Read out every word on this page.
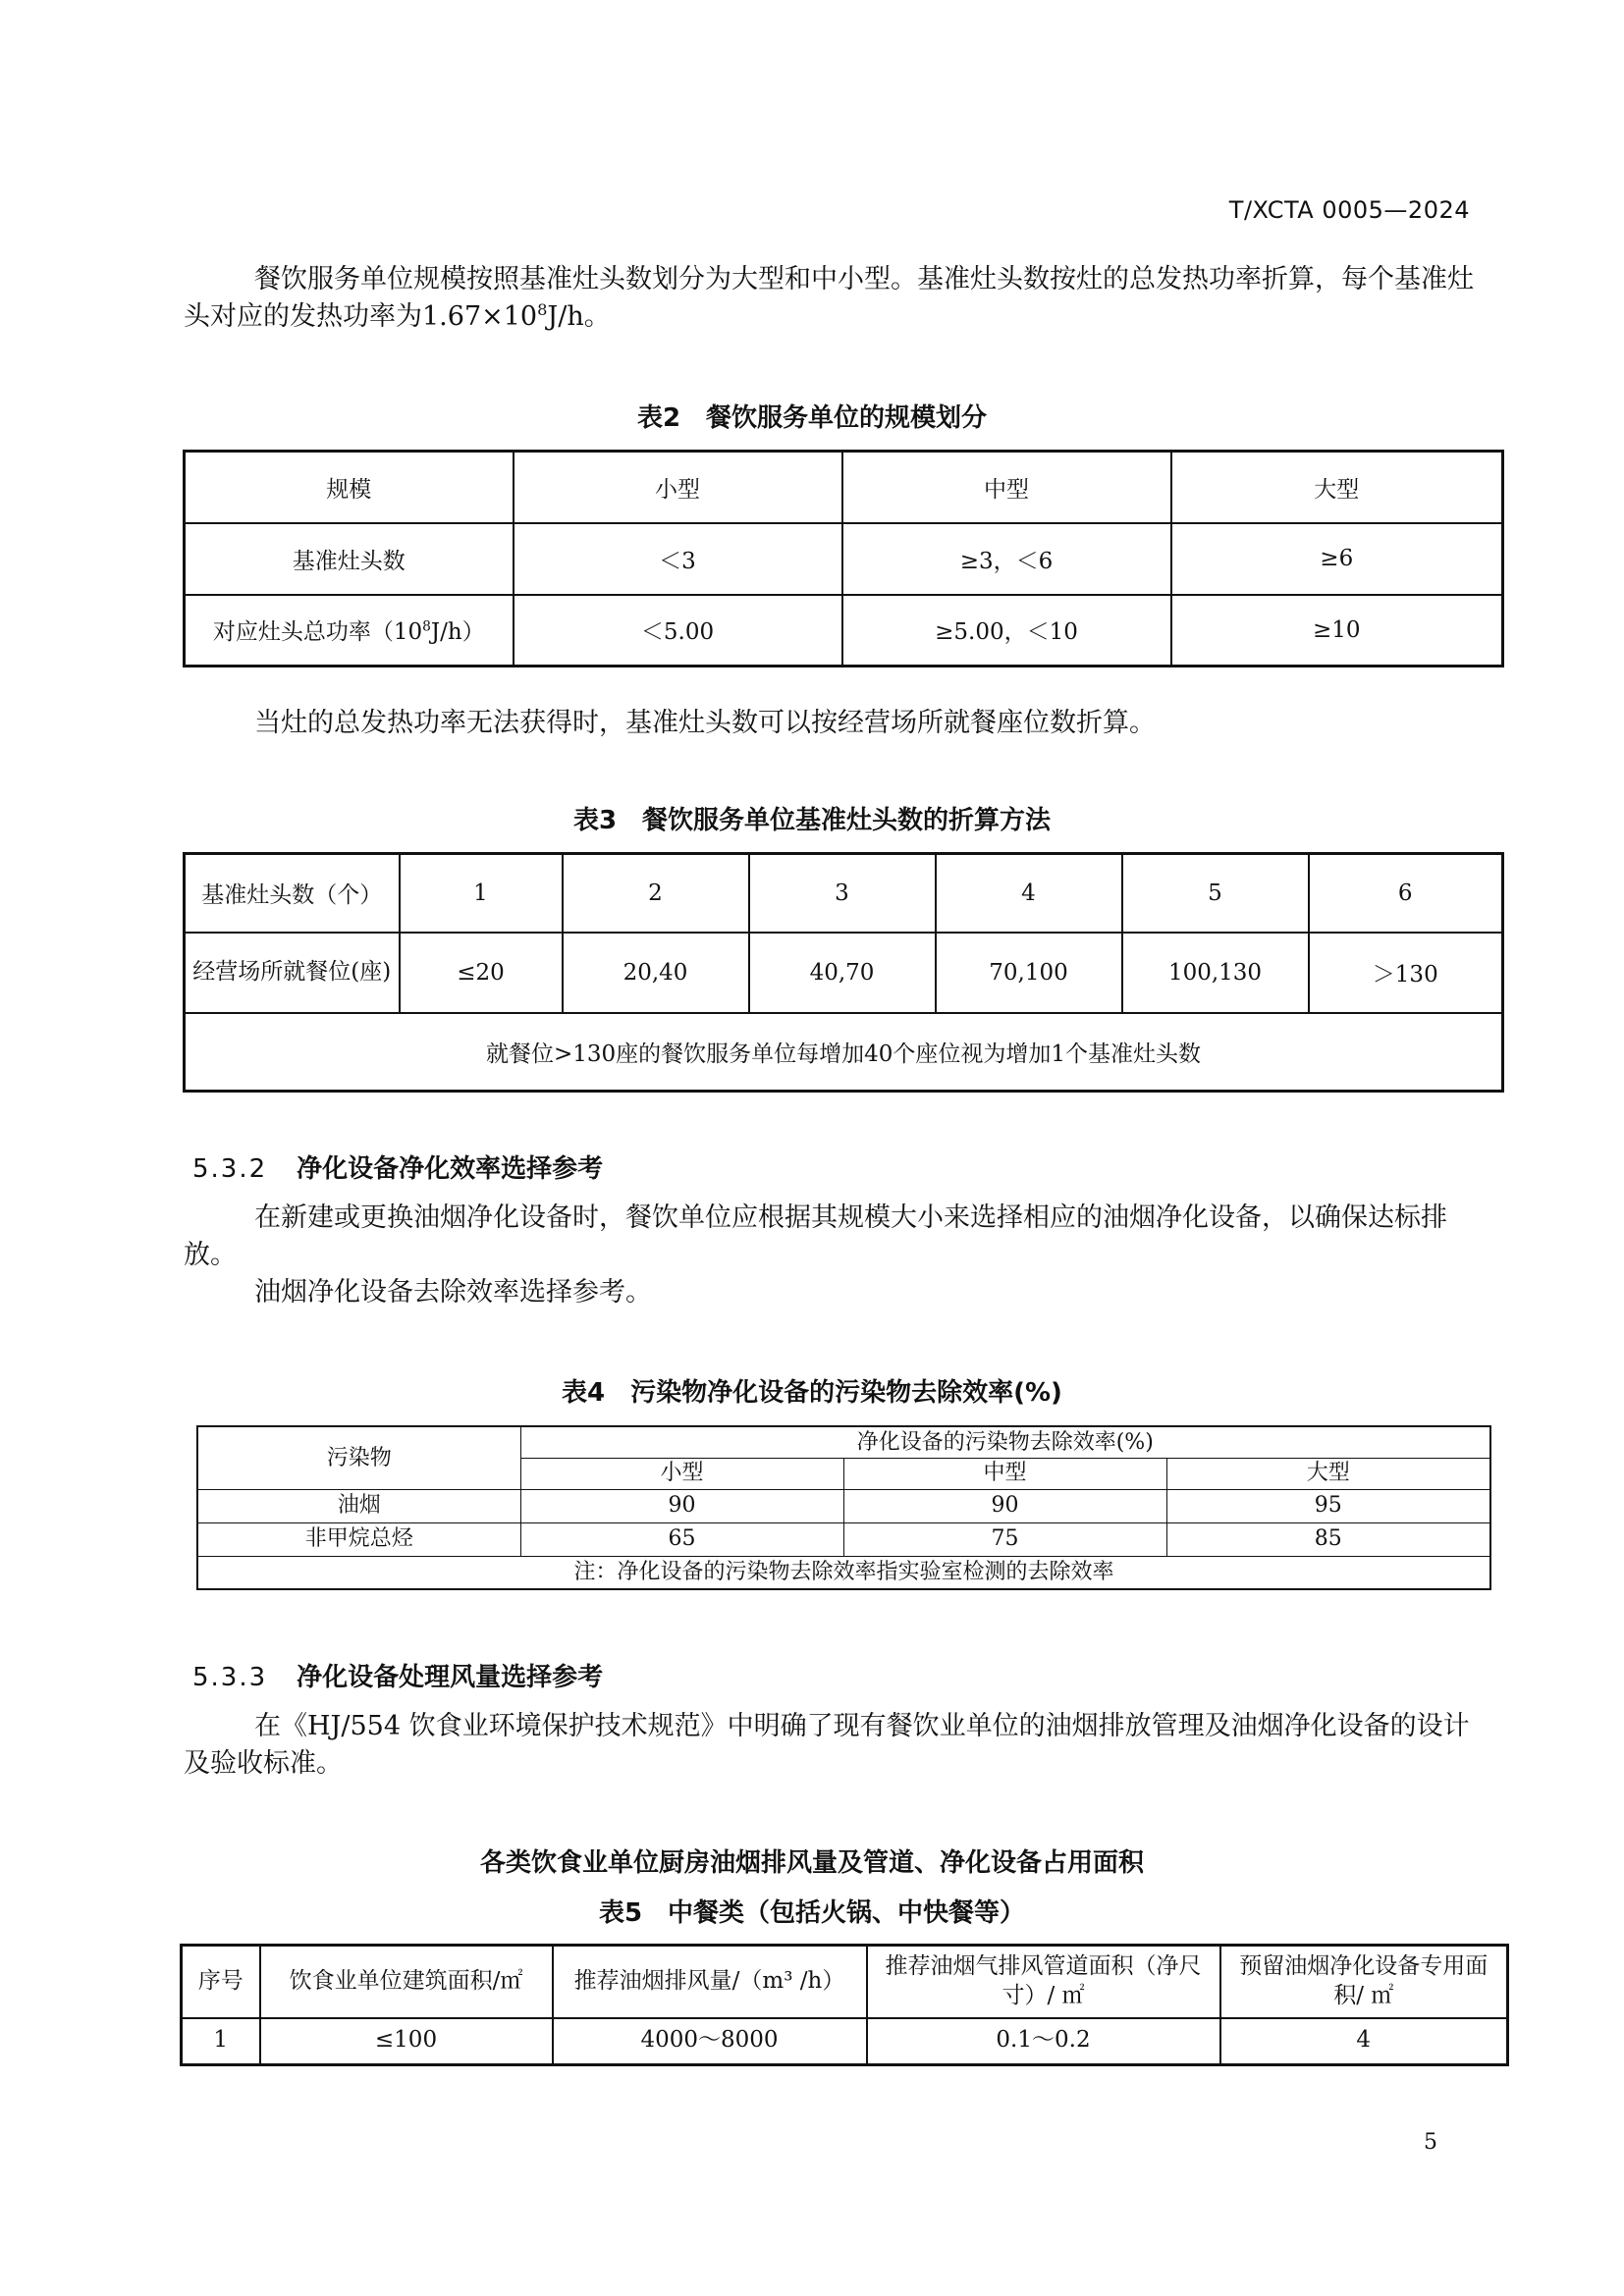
T/XCTA 0005—2024
餐饮服务单位规模按照基准灶头数划分为大型和中小型。基准灶头数按灶的总发热功率折算，每个基准灶头对应的发热功率为$1.67\times 10^8J/h$。
表2　餐饮服务单位的规模划分
规模	小型	中型	大型
基准灶头数	＜3	≥3，＜6	≥6
对应灶头总功率$(10^8J/h)$	＜5.00	≥5.00，＜10	≥10
当灶的总发热功率无法获得时，基准灶头数可以按经营场所就餐座位数折算。
表3　餐饮服务单位基准灶头数的折算方法
基准灶头数（个）	1	2	3	4	5	6
经营场所就餐位(座)	≤20	20,40	40,70	70,100	100,130	＞130
就餐位>130座的餐饮服务单位每增加40个座位视为增加1个基准灶头数						
5.3.2 净化设备净化效率选择参考
在新建或更换油烟净化设备时，餐饮单位应根据其规模大小来选择相应的油烟净化设备，以确保达标排放。
油烟净化设备去除效率选择参考。
表4　污染物净化设备的污染物去除效率(%)
污染物	净化设备的污染物去除效率(%)		
	小型	中型	大型
油烟	90	90	95
非甲烷总烃	65	75	85
注：净化设备的污染物去除效率指实验室检测的去除效率			
5.3.3 净化设备处理风量选择参考
在《HJ/554 饮食业环境保护技术规范》中明确了现有餐饮业单位的油烟排放管理及油烟净化设备的设计及验收标准。
各类饮食业单位厨房油烟排风量及管道、净化设备占用面积
表5　中餐类（包括火锅、中快餐等）
序号	饮食业单位建筑面积/㎡	推荐油烟排风量/（m³ /h）	推荐油烟气排风管道面积（净尺寸）/ ㎡	预留油烟净化设备专用面积/ ㎡
1	≤100	4000～8000	0.1～0.2	4
5
